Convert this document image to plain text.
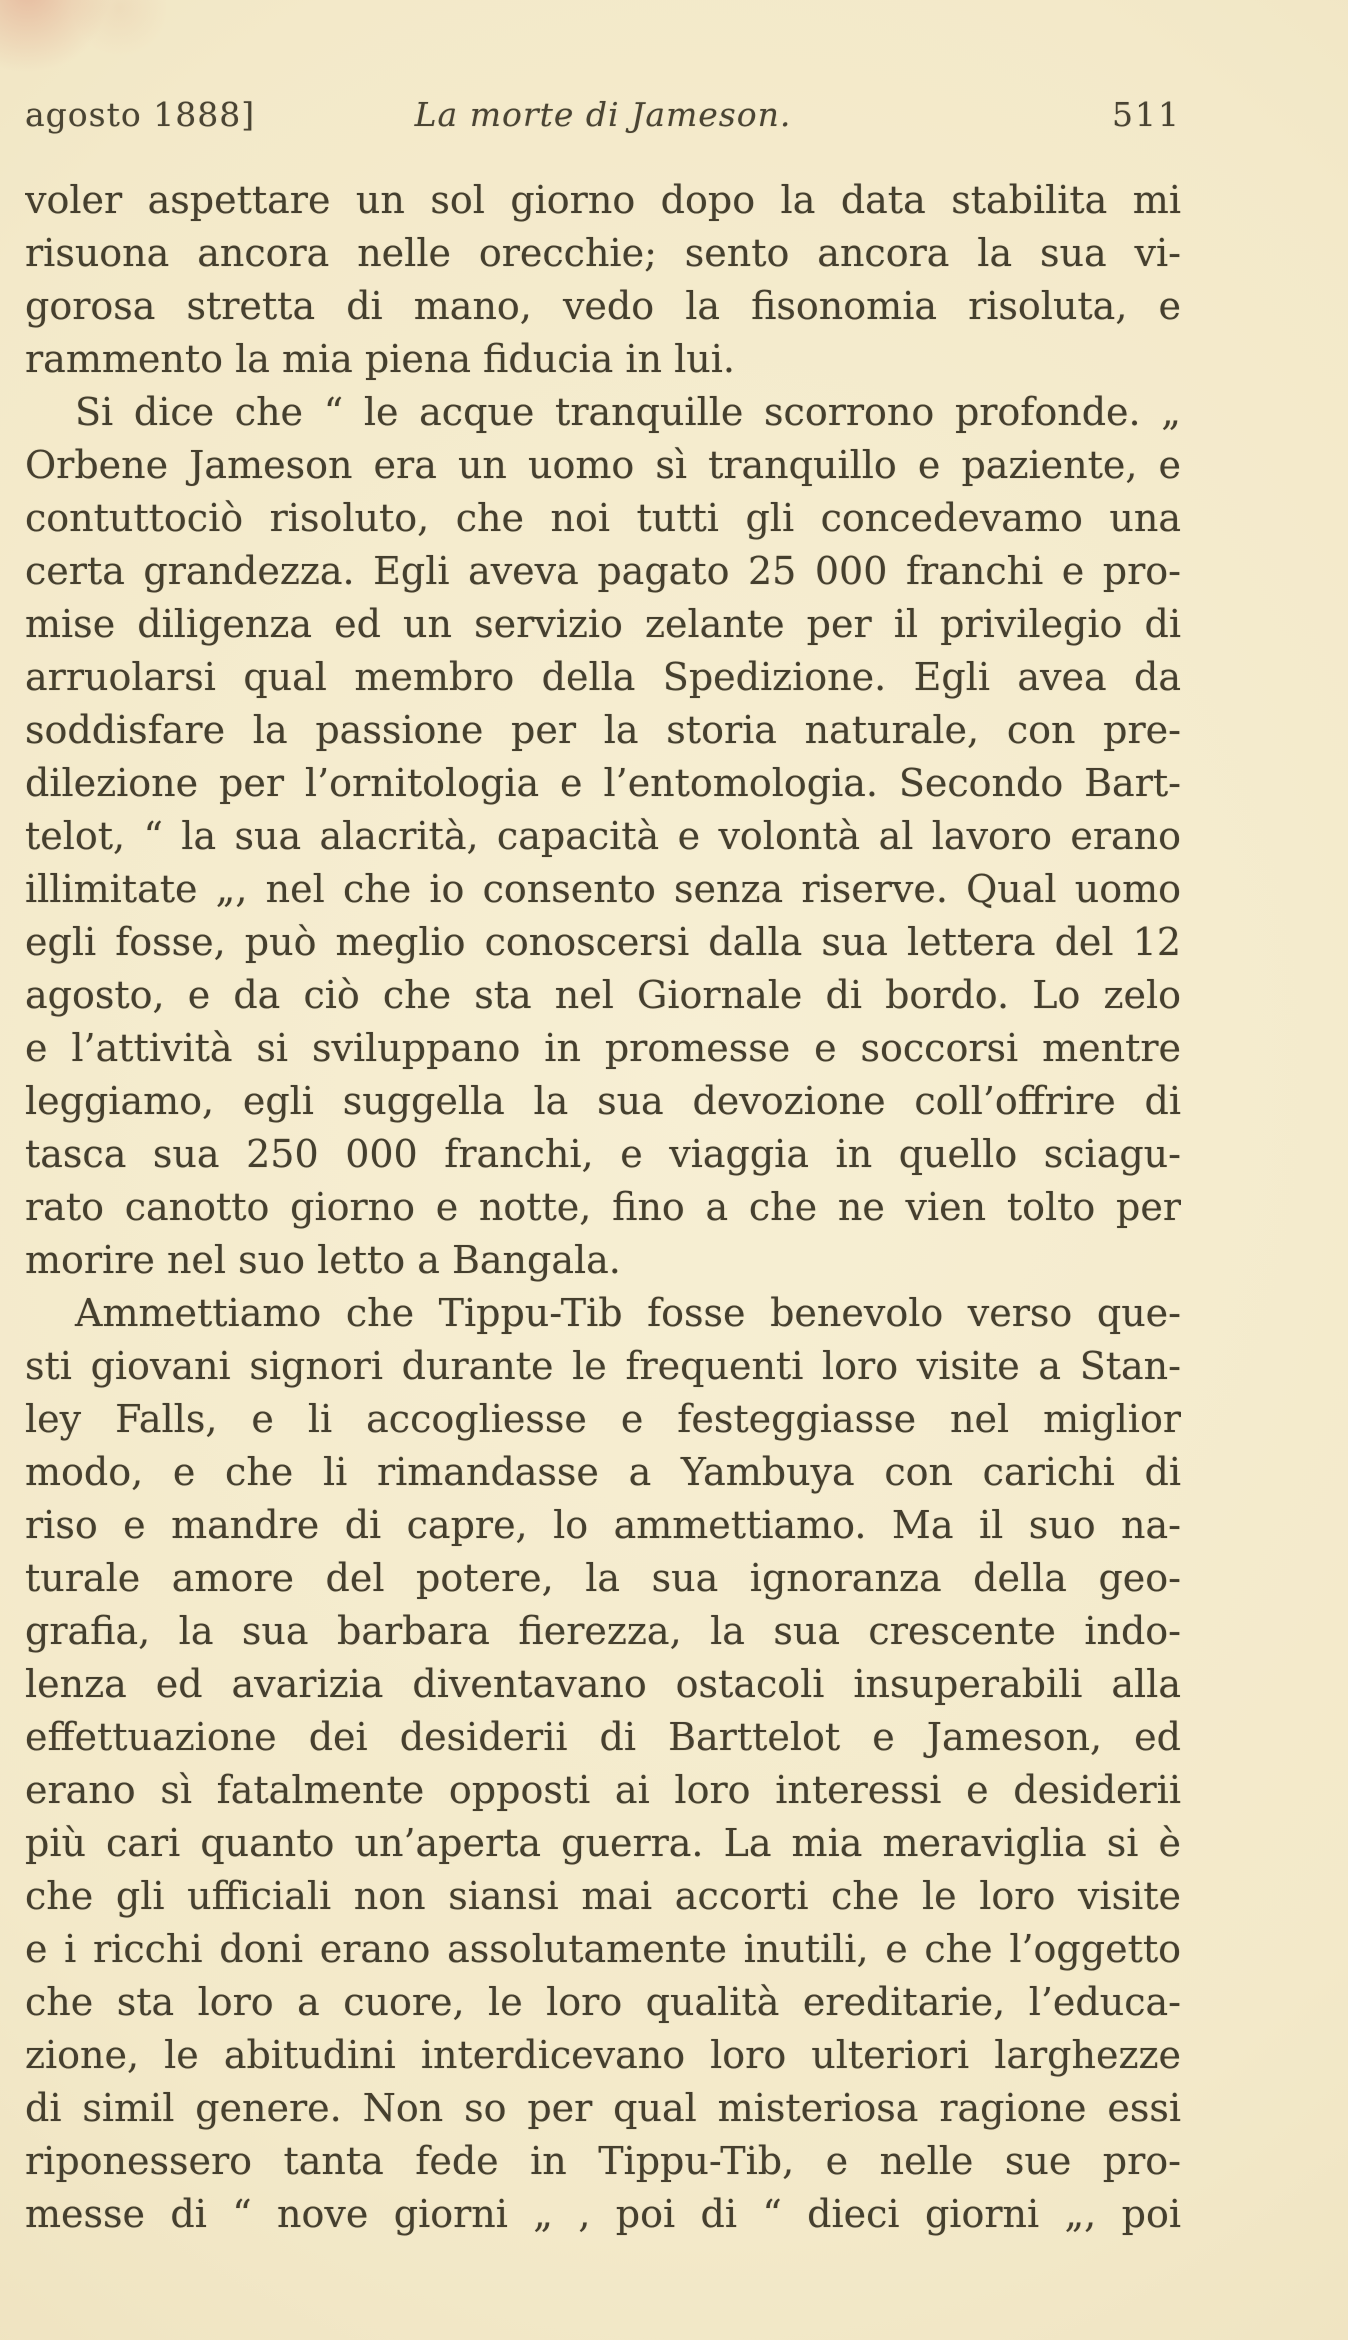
agosto 1888]	La morte di Jameson.	511
voler aspettare un sol giorno dopo la data stabilita mi
risuona ancora nelle orecchie; sento ancora la sua vi-
gorosa stretta di mano, vedo la fisonomia risoluta, e
rammento la mia piena fiducia in lui.
Si dice che “ le acque tranquille scorrono profonde. „
Orbene Jameson era un uomo sì tranquillo e paziente, e
contuttociò risoluto, che noi tutti gli concedevamo una
certa grandezza. Egli aveva pagato 25 000 franchi e pro-
mise diligenza ed un servizio zelante per il privilegio di
arruolarsi qual membro della Spedizione. Egli avea da
soddisfare la passione per la storia naturale, con pre-
dilezione per l’ornitologia e l’entomologia. Secondo Bart-
telot, “ la sua alacrità, capacità e volontà al lavoro erano
illimitate „, nel che io consento senza riserve. Qual uomo
egli fosse, può meglio conoscersi dalla sua lettera del 12
agosto, e da ciò che sta nel Giornale di bordo. Lo zelo
e l’attività si sviluppano in promesse e soccorsi mentre
leggiamo, egli suggella la sua devozione coll’offrire di
tasca sua 250 000 franchi, e viaggia in quello sciagu-
rato canotto giorno e notte, fino a che ne vien tolto per
morire nel suo letto a Bangala.
Ammettiamo che Tippu-Tib fosse benevolo verso que-
sti giovani signori durante le frequenti loro visite a Stan-
ley Falls, e li accogliesse e festeggiasse nel miglior
modo, e che li rimandasse a Yambuya con carichi di
riso e mandre di capre, lo ammettiamo. Ma il suo na-
turale amore del potere, la sua ignoranza della geo-
grafia, la sua barbara fierezza, la sua crescente indo-
lenza ed avarizia diventavano ostacoli insuperabili alla
effettuazione dei desiderii di Barttelot e Jameson, ed
erano sì fatalmente opposti ai loro interessi e desiderii
più cari quanto un’aperta guerra. La mia meraviglia si è
che gli ufficiali non siansi mai accorti che le loro visite
e i ricchi doni erano assolutamente inutili, e che l’oggetto
che sta loro a cuore, le loro qualità ereditarie, l’educa-
zione, le abitudini interdicevano loro ulteriori larghezze
di simil genere. Non so per qual misteriosa ragione essi
riponessero tanta fede in Tippu-Tib, e nelle sue pro-
messe di “ nove giorni „ , poi di “ dieci giorni „, poi
